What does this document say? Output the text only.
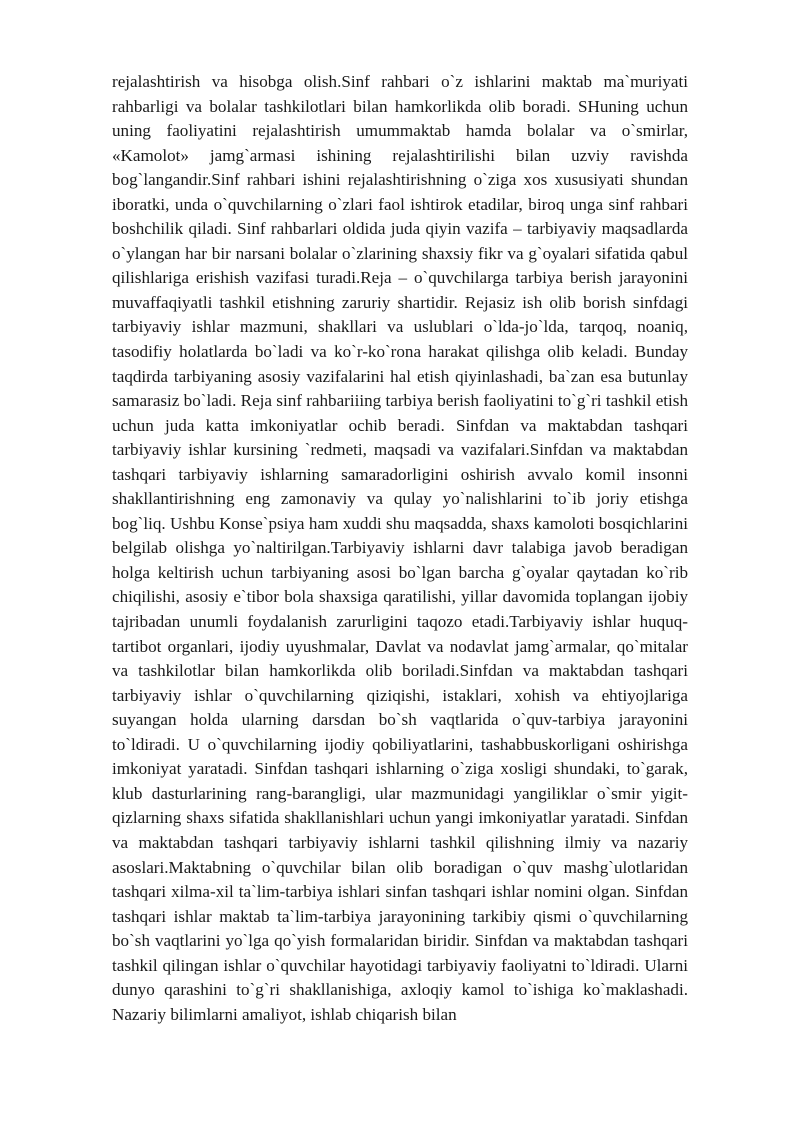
rejalashtirish va hisobga olish.Sinf rahbari o`z ishlarini maktab ma`muriyati rahbarligi va bolalar tashkilotlari bilan hamkorlikda olib boradi. SHuning uchun uning faoliyatini rejalashtirish umummaktab hamda bolalar va o`smirlar, «Kamolot» jamg`armasi ishining rejalashtirilishi bilan uzviy ravishda bog`langandir.Sinf rahbari ishini rejalashtirishning o`ziga xos xususiyati shundan iboratki, unda o`quvchilarning o`zlari faol ishtirok etadilar, biroq unga sinf rahbari boshchilik qiladi. Sinf rahbarlari oldida juda qiyin vazifa – tarbiyaviy maqsadlarda o`ylangan har bir narsani bolalar o`zlarining shaxsiy fikr va g`oyalari sifatida qabul qilishlariga erishish vazifasi turadi.Reja – o`quvchilarga tarbiya berish jarayonini muvaffaqiyatli tashkil etishning zaruriy shartidir. Rejasiz ish olib borish sinfdagi tarbiyaviy ishlar mazmuni, shakllari va uslublari o`lda-jo`lda, tarqoq, noaniq, tasodifiy holatlarda bo`ladi va ko`r-ko`rona harakat qilishga olib keladi. Bunday taqdirda tarbiyaning asosiy vazifalarini hal etish qiyinlashadi, ba`zan esa butunlay samarasiz bo`ladi. Reja sinf rahbariiing tarbiya berish faoliyatini to`g`ri tashkil etish uchun juda katta imkoniyatlar ochib beradi. Sinfdan va maktabdan tashqari tarbiyaviy ishlar kursining `redmeti, maqsadi va vazifalari.Sinfdan va maktabdan tashqari tarbiyaviy ishlarning samaradorligini oshirish avvalo komil insonni shakllantirishning eng zamonaviy va qulay yo`nalishlarini to`ib joriy etishga bog`liq. Ushbu Konse`psiya ham xuddi shu maqsadda, shaxs kamoloti bosqichlarini belgilab olishga yo`naltirilgan.Tarbiyaviy ishlarni davr talabiga javob beradigan holga keltirish uchun tarbiyaning asosi bo`lgan barcha g`oyalar qaytadan ko`rib chiqilishi, asosiy e`tibor bola shaxsiga qaratilishi, yillar davomida toplangan ijobiy tajribadan unumli foydalanish zarurligini taqozo etadi.Tarbiyaviy ishlar huquq-tartibot organlari, ijodiy uyushmalar, Davlat va nodavlat jamg`armalar, qo`mitalar va tashkilotlar bilan hamkorlikda olib boriladi.Sinfdan va maktabdan tashqari tarbiyaviy ishlar o`quvchilarning qiziqishi, istaklari, xohish va ehtiyojlariga suyangan holda ularning darsdan bo`sh vaqtlarida o`quv-tarbiya jarayonini to`ldiradi. U o`quvchilarning ijodiy qobiliyatlarini, tashabbuskorligani oshirishga imkoniyat yaratadi. Sinfdan tashqari ishlarning o`ziga xosligi shundaki, to`garak, klub dasturlarining rang-barangligi, ular mazmunidagi yangiliklar o`smir yigit-qizlarning shaxs sifatida shakllanishlari uchun yangi imkoniyatlar yaratadi. Sinfdan va maktabdan tashqari tarbiyaviy ishlarni tashkil qilishning ilmiy va nazariy asoslari.Maktabning o`quvchilar bilan olib boradigan o`quv mashg`ulotlaridan tashqari xilma-xil ta`lim-tarbiya ishlari sinfan tashqari ishlar nomini olgan. Sinfdan tashqari ishlar maktab ta`lim-tarbiya jarayonining tarkibiy qismi o`quvchilarning bo`sh vaqtlarini yo`lga qo`yish formalaridan biridir. Sinfdan va maktabdan tashqari tashkil qilingan ishlar o`quvchilar hayotidagi tarbiyaviy faoliyatni to`ldiradi. Ularni dunyo qarashini to`g`ri shakllanishiga, axloqiy kamol to`ishiga ko`maklashadi. Nazariy bilimlarni amaliyot, ishlab chiqarish bilan
